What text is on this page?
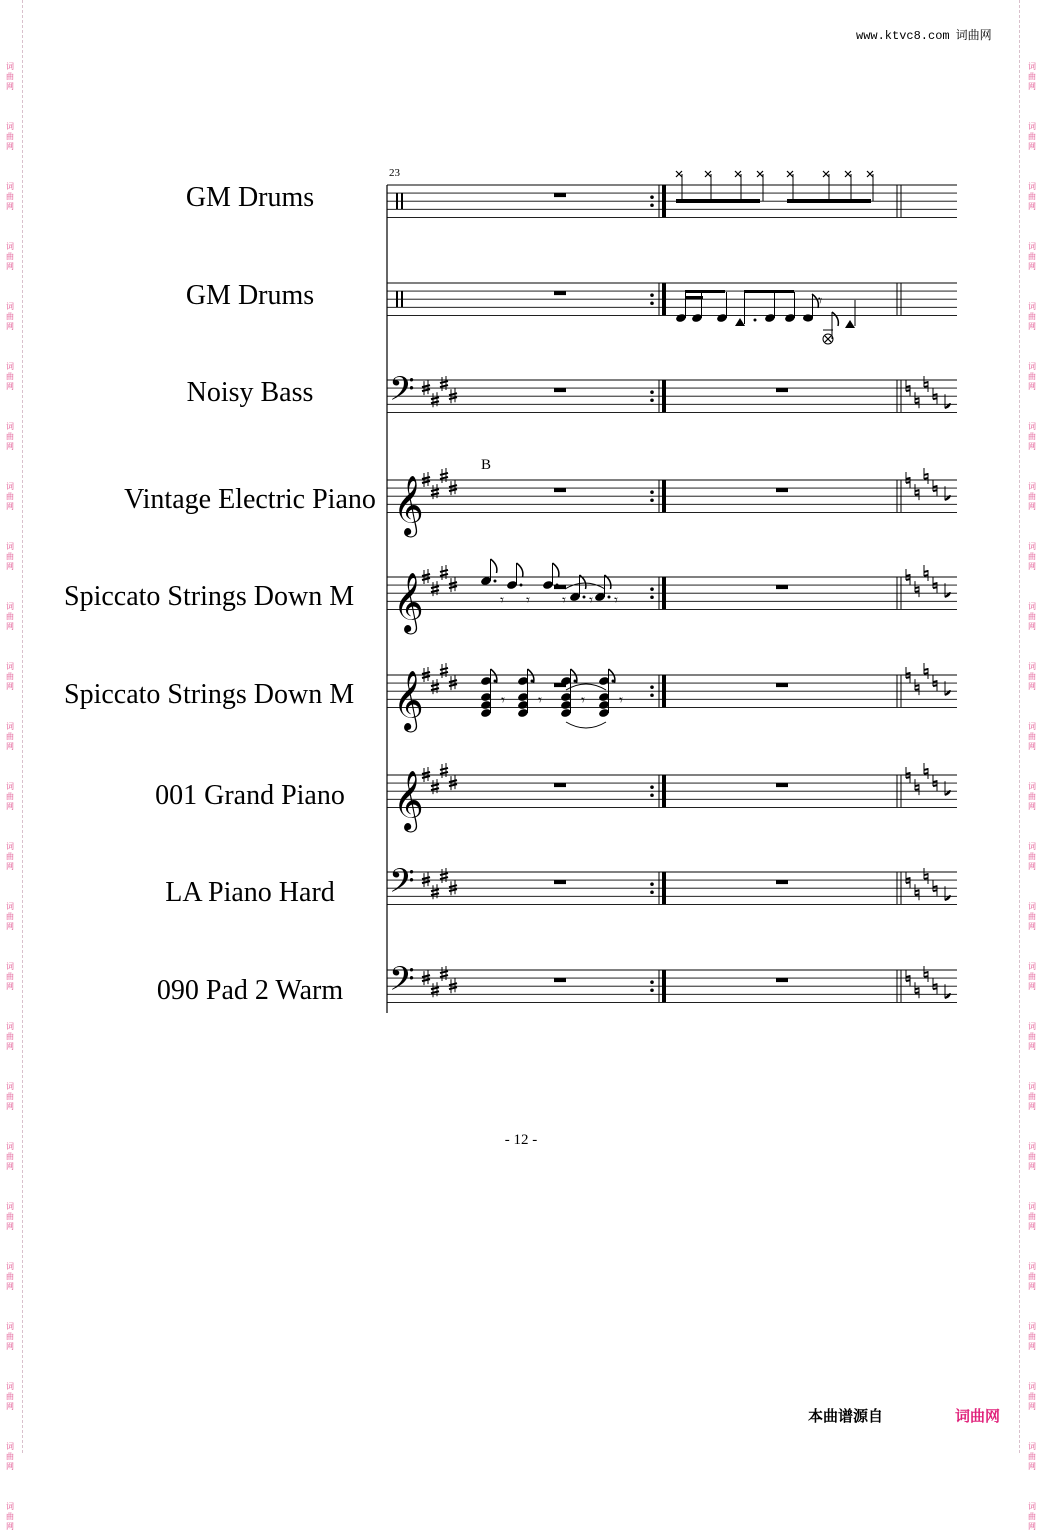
词
曲
网
词
曲
网
词
曲
网
词
曲
网
词
曲
网
词
曲
网
词
曲
网
词
曲
网
词
曲
网
词
曲
网
词
曲
网
词
曲
网
词
曲
网
词
曲
网
词
曲
网
词
曲
网
词
曲
网
词
曲
网
词
曲
网
词
曲
网
词
曲
网
词
曲
网
词
曲
网
词
曲
网
词
曲
网
词
曲
网
词
曲
网
词
曲
网
词
曲
网
词
曲
网
词
曲
网
词
曲
网
词
曲
网
词
曲
网
词
曲
网
词
曲
网
词
曲
网
词
曲
网
词
曲
网
词
曲
网
词
曲
网
词
曲
网
词
曲
网
词
曲
网
词
曲
网
词
曲
网
词
曲
网
词
曲
网
词
曲
网
词
曲
网
www.ktvc8.com 词曲网
23
B
GM Drums
GM Drums
Noisy Bass
Vintage Electric Piano
Spiccato Strings Down M
Spiccato Strings Down M
001 Grand Piano
LA Piano Hard
090 Pad 2 Warm
𝄢
𝄞
𝄞
𝄞
𝄞
𝄢
𝄢
𝄾
𝄾 𝄾 𝄾 𝄾 𝄾
𝄾 𝄾	𝄾 𝄾
- 12 -
本曲谱源自	词曲网
